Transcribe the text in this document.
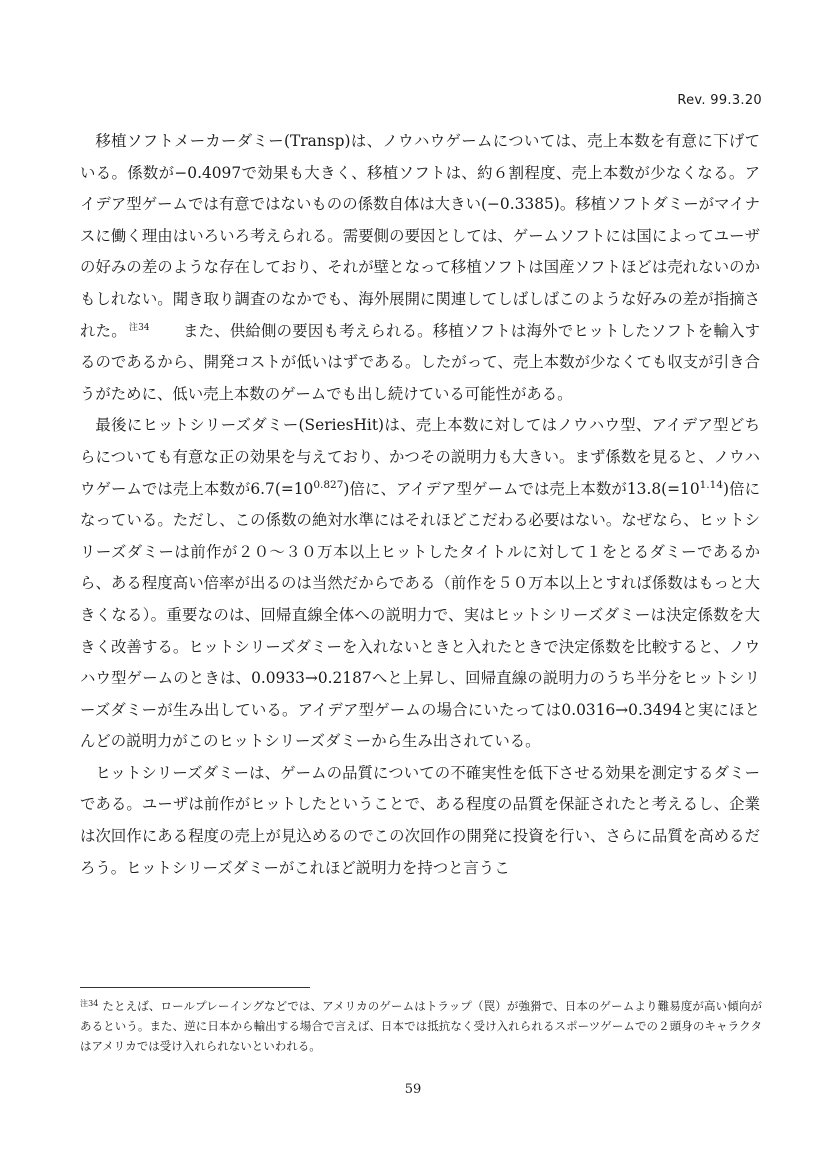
Rev. 99.3.20

移植ソフトメーカーダミー(Transp)は、ノウハウゲームについては、売上本数を有意に下げている。係数が−0.4097で効果も大きく、移植ソフトは、約６割程度、売上本数が少なくなる。アイデア型ゲームでは有意ではないものの係数自体は大きい(−0.3385)。移植ソフトダミーがマイナスに働く理由はいろいろ考えられる。需要側の要因としては、ゲームソフトには国によってユーザの好みの差のような存在しており、それが壁となって移植ソフトは国産ソフトほどは売れないのかもしれない。聞き取り調査のなかでも、海外展開に関連してしばしばこのような好みの差が指摘された。 $^{注34}$　　また、供給側の要因も考えられる。移植ソフトは海外でヒットしたソフトを輸入するのであるから、開発コストが低いはずである。したがって、売上本数が少なくても収支が引き合うがために、低い売上本数のゲームでも出し続けている可能性がある。

最後にヒットシリーズダミー(SeriesHit)は、売上本数に対してはノウハウ型、アイデア型どちらについても有意な正の効果を与えており、かつその説明力も大きい。まず係数を見ると、ノウハウゲームでは売上本数が$6.7(=10^{0.827})$倍に、アイデア型ゲームでは売上本数が$13.8(=10^{1.14})$倍になっている。ただし、この係数の絶対水準にはそれほどこだわる必要はない。なぜなら、ヒットシリーズダミーは前作が２０〜３０万本以上ヒットしたタイトルに対して１をとるダミーであるから、ある程度高い倍率が出るのは当然だからである（前作を５０万本以上とすれば係数はもっと大きくなる）。重要なのは、回帰直線全体への説明力で、実はヒットシリーズダミーは決定係数を大きく改善する。ヒットシリーズダミーを入れないときと入れたときで決定係数を比較すると、ノウハウ型ゲームのときは、0.0933→0.2187へと上昇し、回帰直線の説明力のうち半分をヒットシリーズダミーが生み出している。アイデア型ゲームの場合にいたっては0.0316→0.3494と実にほとんどの説明力がこのヒットシリーズダミーから生み出されている。

ヒットシリーズダミーは、ゲームの品質についての不確実性を低下させる効果を測定するダミーである。ユーザは前作がヒットしたということで、ある程度の品質を保証されたと考えるし、企業は次回作にある程度の売上が見込めるのでこの次回作の開発に投資を行い、さらに品質を高めるだろう。ヒットシリーズダミーがこれほど説明力を持つと言うこ

$^{注34}$ たとえば、ロールプレーイングなどでは、アメリカのゲームはトラップ（罠）が強猾で、日本のゲームより難易度が高い傾向があるという。また、逆に日本から輸出する場合で言えば、日本では抵抗なく受け入れられるスポーツゲームでの２頭身のキャラクタはアメリカでは受け入れられないといわれる。
59
